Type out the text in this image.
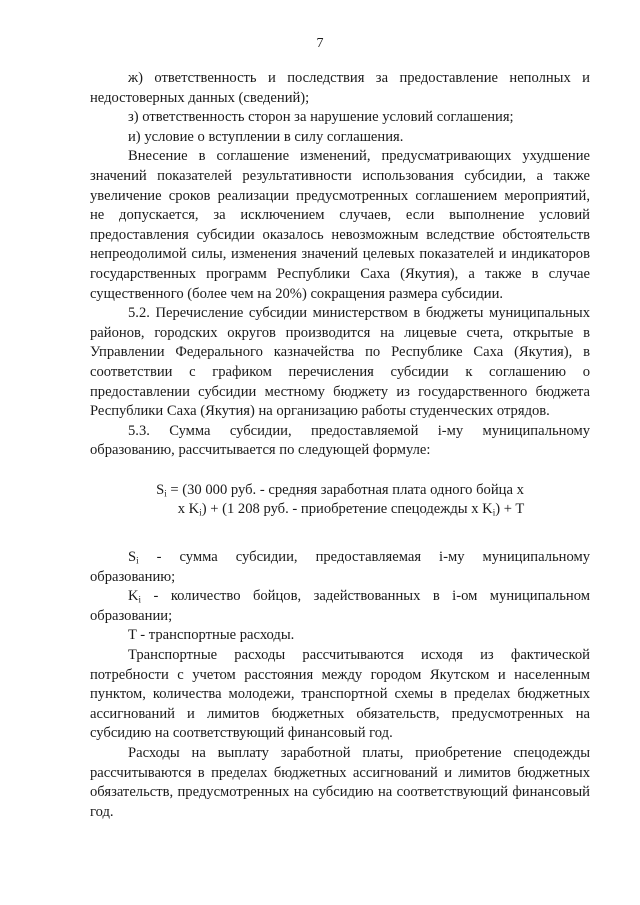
7

ж) ответственность и последствия за предоставление неполных и недостоверных данных (сведений);

з) ответственность сторон за нарушение условий соглашения;

и) условие о вступлении в силу соглашения.

Внесение в соглашение изменений, предусматривающих ухудшение значений показателей результативности использования субсидии, а также увеличение сроков реализации предусмотренных соглашением мероприятий, не допускается, за исключением случаев, если выполнение условий предоставления субсидии оказалось невозможным вследствие обстоятельств непреодолимой силы, изменения значений целевых показателей и индикаторов государственных программ Республики Саха (Якутия), а также в случае существенного (более чем на 20%) сокращения размера субсидии.

5.2. Перечисление субсидии министерством в бюджеты муниципальных районов, городских округов производится на лицевые счета, открытые в Управлении Федерального казначейства по Республике Саха (Якутия), в соответствии с графиком перечисления субсидии к соглашению о предоставлении субсидии местному бюджету из государственного бюджета Республики Саха (Якутия) на организацию работы студенческих отрядов.

5.3. Сумма субсидии, предоставляемой i-му муниципальному образованию, рассчитывается по следующей формуле:

$S_i = (30$ 000 руб. - средняя заработная плата одного бойца х
х $K_i) + (1$ 208 руб. - приобретение спецодежды х $K_i) + T$

$S_i$ - сумма субсидии, предоставляемая i-му муниципальному образованию;

$K_i$ - количество бойцов, задействованных в i-ом муниципальном образовании;

T - транспортные расходы.

Транспортные расходы рассчитываются исходя из фактической потребности с учетом расстояния между городом Якутском и населенным пунктом, количества молодежи, транспортной схемы в пределах бюджетных ассигнований и лимитов бюджетных обязательств, предусмотренных на субсидию на соответствующий финансовый год.

Расходы на выплату заработной платы, приобретение спецодежды рассчитываются в пределах бюджетных ассигнований и лимитов бюджетных обязательств, предусмотренных на субсидию на соответствующий финансовый год.
